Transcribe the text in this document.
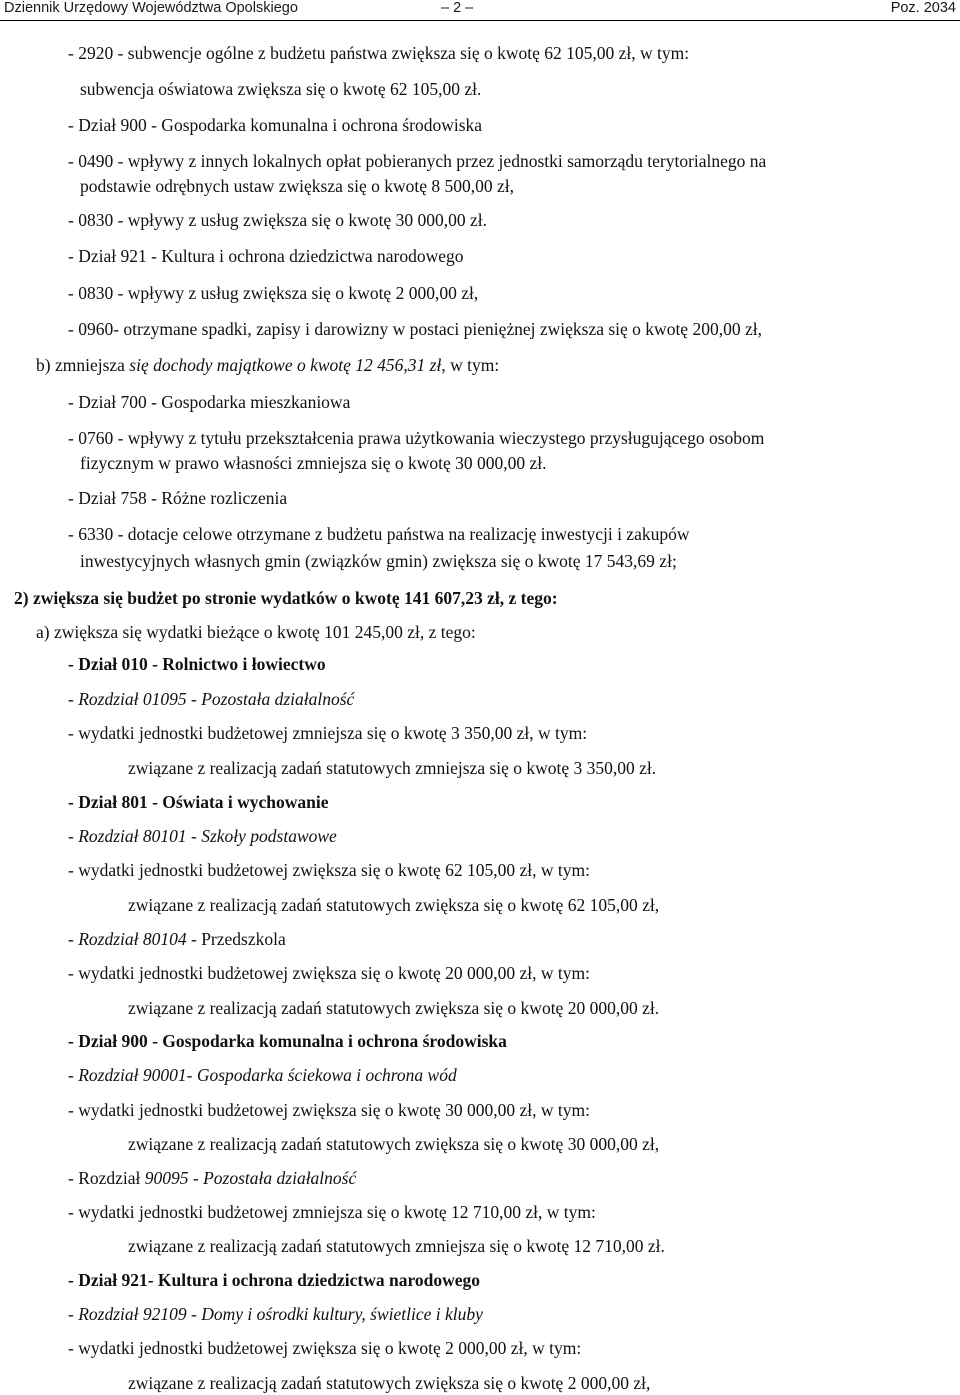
Dziennik Urzędowy Województwa Opolskiego	– 2 –	Poz. 2034
- 2920 - subwencje ogólne z budżetu państwa zwiększa się o kwotę 62 105,00 zł, w tym:
subwencja oświatowa zwiększa się o kwotę 62 105,00 zł.
- Dział 900 - Gospodarka komunalna i ochrona środowiska
- 0490 - wpływy z innych lokalnych opłat pobieranych przez jednostki samorządu terytorialnego na
podstawie odrębnych ustaw zwiększa się o kwotę 8 500,00 zł,
- 0830 - wpływy z usług zwiększa się o kwotę 30 000,00 zł.
- Dział 921 - Kultura i ochrona dziedzictwa narodowego
- 0830 - wpływy z usług zwiększa się o kwotę 2 000,00 zł,
- 0960- otrzymane spadki, zapisy i darowizny w postaci pieniężnej zwiększa się o kwotę 200,00 zł,
b) zmniejsza się dochody majątkowe o kwotę 12 456,31 zł, w tym:
- Dział 700 - Gospodarka mieszkaniowa
- 0760 - wpływy z tytułu przekształcenia prawa użytkowania wieczystego przysługującego osobom
fizycznym w prawo własności zmniejsza się o kwotę 30 000,00 zł.
- Dział 758 - Różne rozliczenia
- 6330 - dotacje celowe otrzymane z budżetu państwa na realizację inwestycji i zakupów
inwestycyjnych własnych gmin (związków gmin) zwiększa się o kwotę 17 543,69 zł;
2) zwiększa się budżet po stronie wydatków o kwotę 141 607,23 zł, z tego:
a) zwiększa się wydatki bieżące o kwotę 101 245,00 zł, z tego:
- Dział 010 - Rolnictwo i łowiectwo
- Rozdział 01095 - Pozostała działalność
- wydatki jednostki budżetowej zmniejsza się o kwotę 3 350,00 zł, w tym:
związane z realizacją zadań statutowych zmniejsza się o kwotę 3 350,00 zł.
- Dział 801 - Oświata i wychowanie
- Rozdział 80101 - Szkoły podstawowe
- wydatki jednostki budżetowej zwiększa się o kwotę 62 105,00 zł, w tym:
związane z realizacją zadań statutowych zwiększa się o kwotę 62 105,00 zł,
- Rozdział 80104 - Przedszkola
- wydatki jednostki budżetowej zwiększa się o kwotę 20 000,00 zł, w tym:
związane z realizacją zadań statutowych zwiększa się o kwotę 20 000,00 zł.
- Dział 900 - Gospodarka komunalna i ochrona środowiska
- Rozdział 90001- Gospodarka ściekowa i ochrona wód
- wydatki jednostki budżetowej zwiększa się o kwotę 30 000,00 zł, w tym:
związane z realizacją zadań statutowych zwiększa się o kwotę 30 000,00 zł,
- Rozdział 90095 - Pozostała działalność
- wydatki jednostki budżetowej zmniejsza się o kwotę 12 710,00 zł, w tym:
związane z realizacją zadań statutowych zmniejsza się o kwotę 12 710,00 zł.
- Dział 921- Kultura i ochrona dziedzictwa narodowego
- Rozdział 92109 - Domy i ośrodki kultury, świetlice i kluby
- wydatki jednostki budżetowej zwiększa się o kwotę 2 000,00 zł, w tym:
związane z realizacją zadań statutowych zwiększa się o kwotę 2 000,00 zł,
